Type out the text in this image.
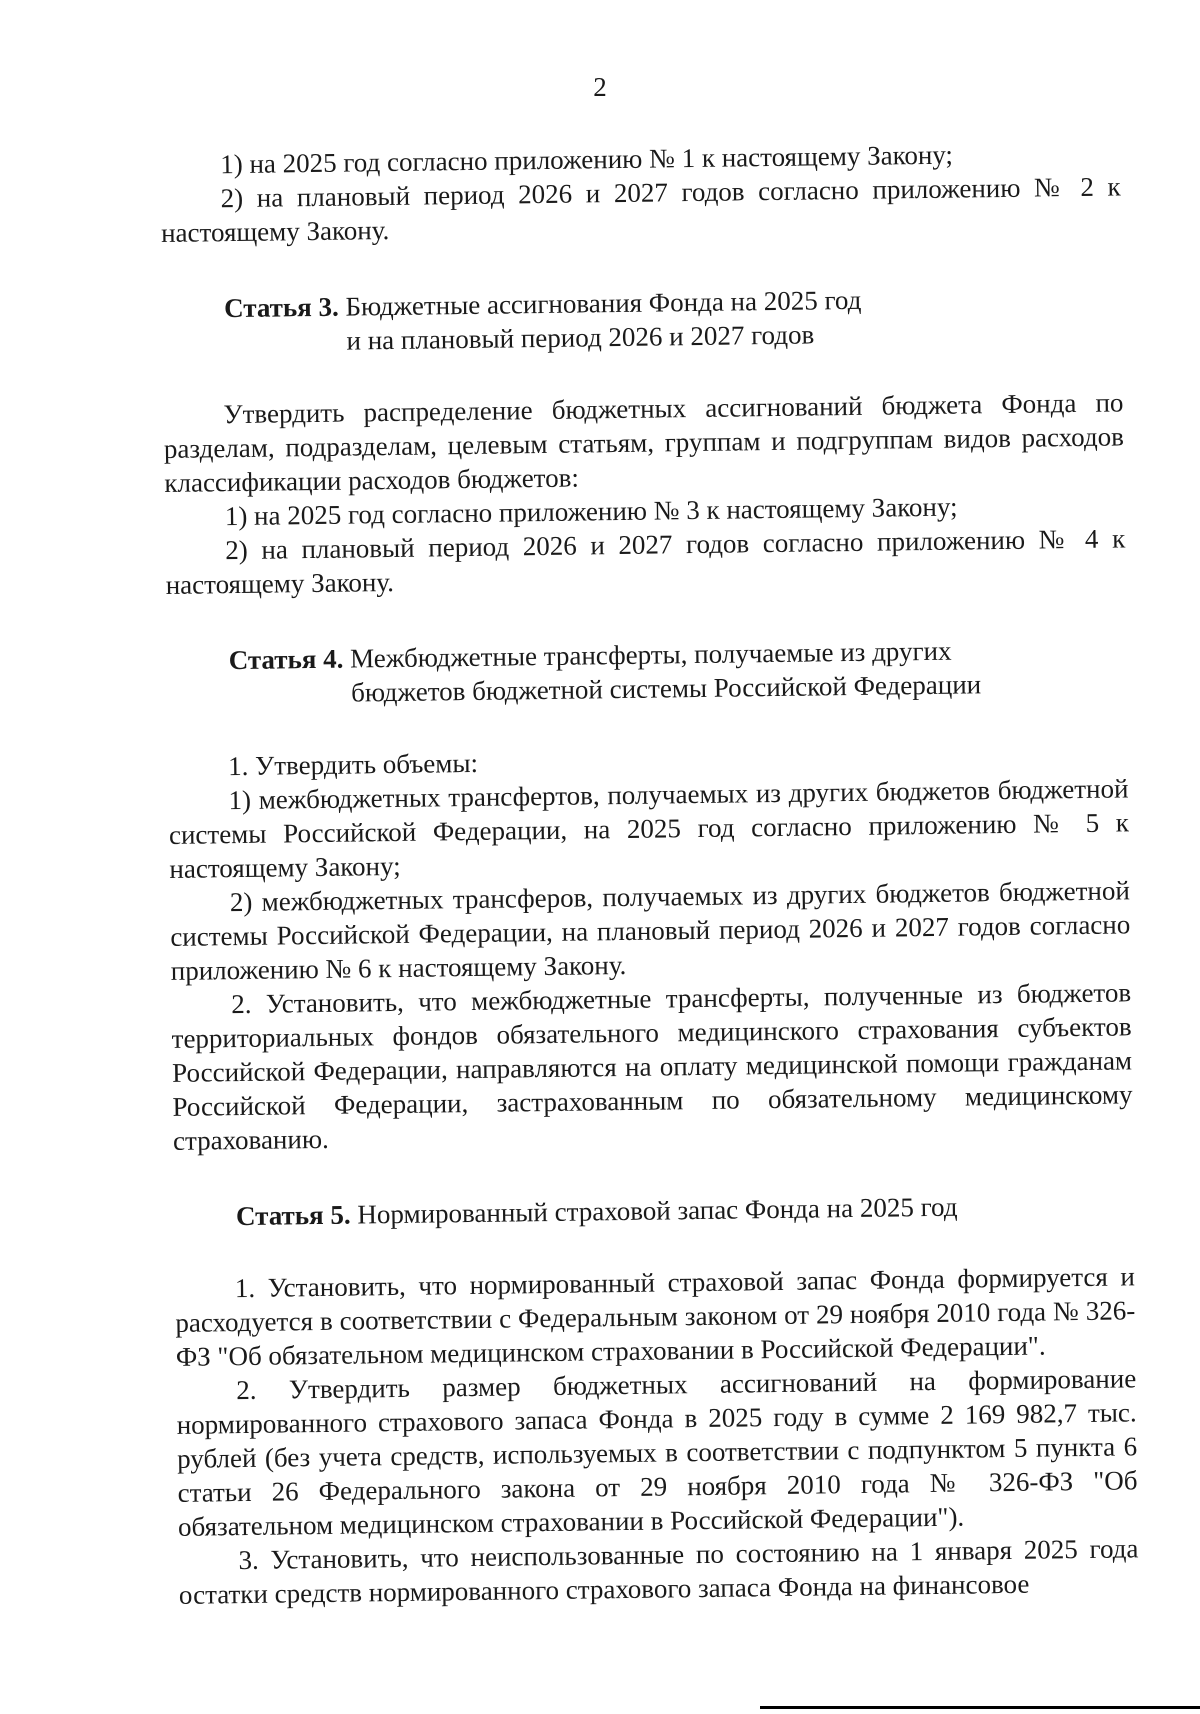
2

1) на 2025 год согласно приложению № 1 к настоящему Закону;

2) на плановый период 2026 и 2027 годов согласно приложению № 2 к настоящему Закону.

Статья 3. Бюджетные ассигнования Фонда на 2025 год
и на плановый период 2026 и 2027 годов

Утвердить распределение бюджетных ассигнований бюджета Фонда по разделам, подразделам, целевым статьям, группам и подгруппам видов расходов классификации расходов бюджетов:

1) на 2025 год согласно приложению № 3 к настоящему Закону;

2) на плановый период 2026 и 2027 годов согласно приложению № 4 к настоящему Закону.

Статья 4. Межбюджетные трансферты, получаемые из других
бюджетов бюджетной системы Российской Федерации

1. Утвердить объемы:

1) межбюджетных трансфертов, получаемых из других бюджетов бюджетной системы Российской Федерации, на 2025 год согласно приложению № 5 к настоящему Закону;

2) межбюджетных трансферов, получаемых из других бюджетов бюджетной системы Российской Федерации, на плановый период 2026 и 2027 годов согласно приложению № 6 к настоящему Закону.

2. Установить, что межбюджетные трансферты, полученные из бюджетов территориальных фондов обязательного медицинского страхования субъектов Российской Федерации, направляются на оплату медицинской помощи гражданам Российской Федерации, застрахованным по обязательному медицинскому страхованию.

Статья 5. Нормированный страховой запас Фонда на 2025 год

1. Установить, что нормированный страховой запас Фонда формируется и расходуется в соответствии с Федеральным законом от 29 ноября 2010 года № 326-ФЗ "Об обязательном медицинском страховании в Российской Федерации".

2. Утвердить размер бюджетных ассигнований на формирование нормированного страхового запаса Фонда в 2025 году в сумме 2 169 982,7 тыс. рублей (без учета средств, используемых в соответствии с подпунктом 5 пункта 6 статьи 26 Федерального закона от 29 ноября 2010 года № 326-ФЗ "Об обязательном медицинском страховании в Российской Федерации").

3. Установить, что неиспользованные по состоянию на 1 января 2025 года остатки средств нормированного страхового запаса Фонда на финансовое
